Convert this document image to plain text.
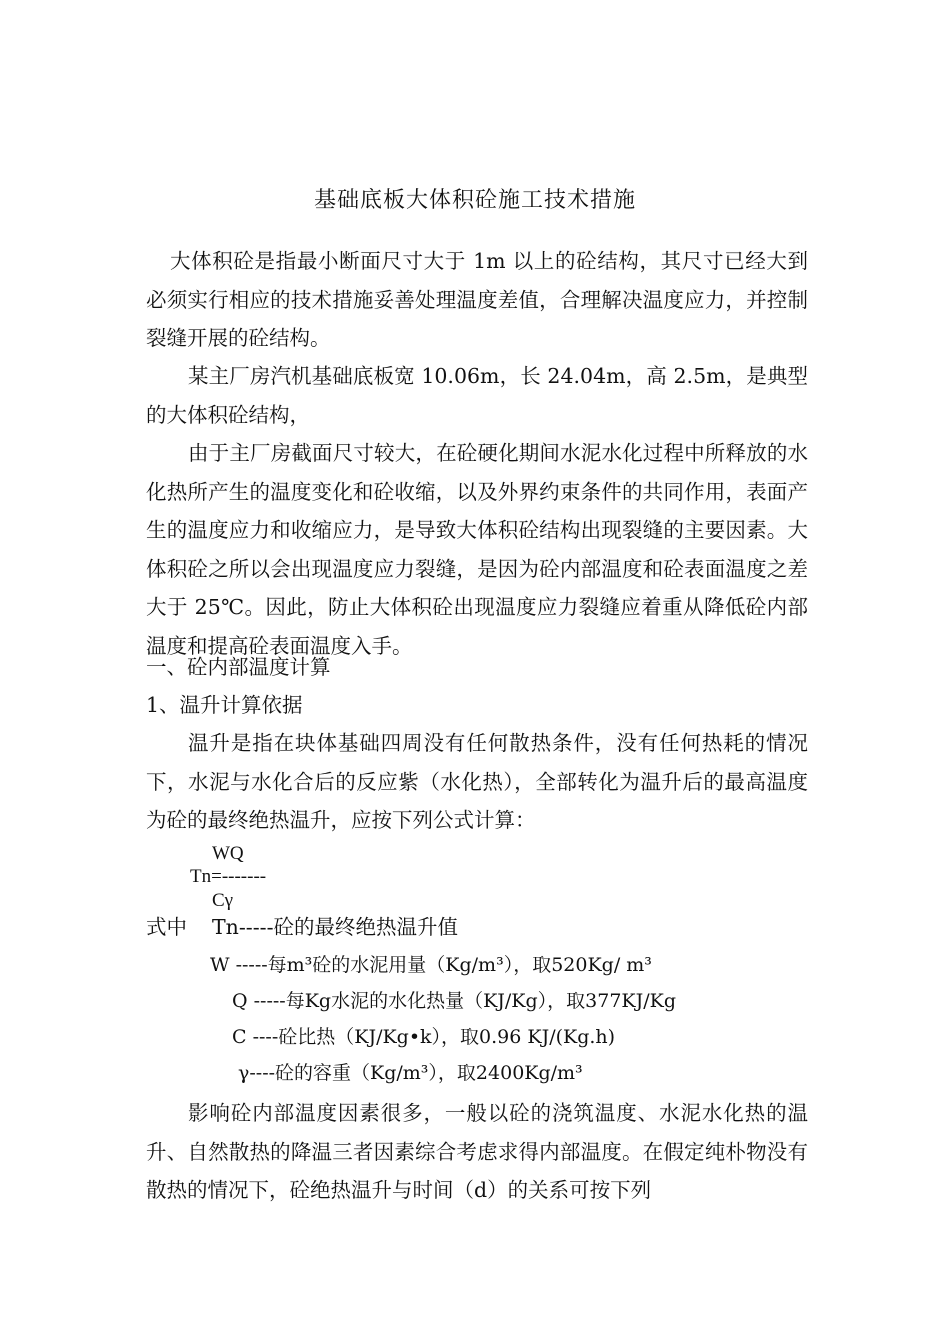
基础底板大体积砼施工技术措施
大体积砼是指最小断面尺寸大于 1m 以上的砼结构，其尺寸已经大到必须实行相应的技术措施妥善处理温度差值，合理解决温度应力，并控制裂缝开展的砼结构。
某主厂房汽机基础底板宽 10.06m，长 24.04m，高 2.5m，是典型的大体积砼结构，
由于主厂房截面尺寸较大，在砼硬化期间水泥水化过程中所释放的水化热所产生的温度变化和砼收缩，以及外界约束条件的共同作用，表面产生的温度应力和收缩应力，是导致大体积砼结构出现裂缝的主要因素。大体积砼之所以会出现温度应力裂缝，是因为砼内部温度和砼表面温度之差大于 25℃。因此，防止大体积砼出现温度应力裂缝应着重从降低砼内部温度和提高砼表面温度入手。
一、砼内部温度计算
1、温升计算依据
温升是指在块体基础四周没有任何散热条件，没有任何热耗的情况下，水泥与水化合后的反应紫（水化热），全部转化为温升后的最高温度为砼的最终绝热温升，应按下列公式计算：
WQ
Tn=-------
Cγ
式中 Tn-----砼的最终绝热温升值
W -----每m³砼的水泥用量（Kg/m³），取520Kg/ m³
Q -----每Kg水泥的水化热量（KJ/Kg），取377KJ/Kg
C ----砼比热（KJ/Kg•k），取0.96 KJ/(Kg.h)
γ----砼的容重（Kg/m³），取2400Kg/m³
影响砼内部温度因素很多，一般以砼的浇筑温度、水泥水化热的温升、自然散热的降温三者因素综合考虑求得内部温度。在假定纯朴物没有散热的情况下，砼绝热温升与时间（d）的关系可按下列
